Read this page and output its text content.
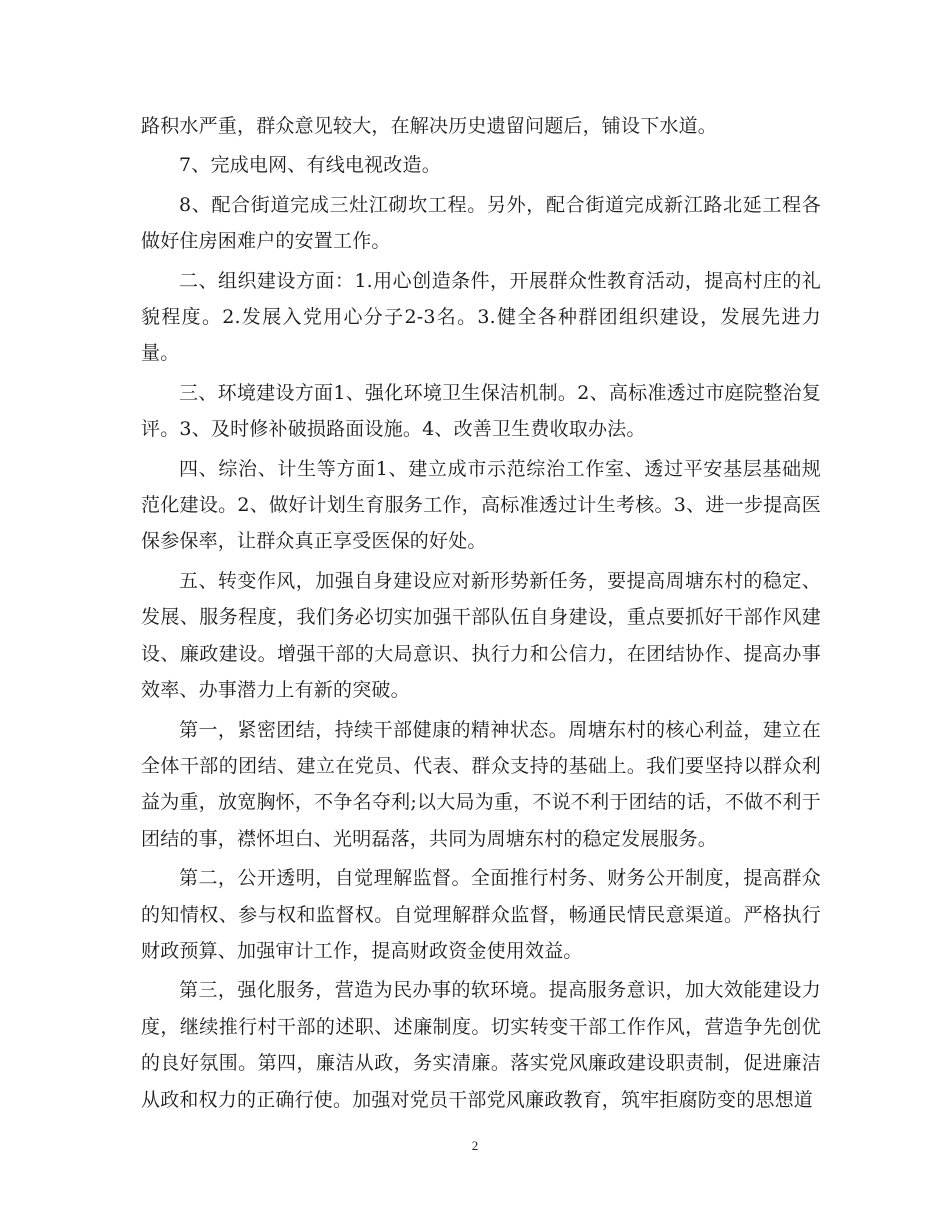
路积水严重，群众意见较大，在解决历史遗留问题后，铺设下水道。

7、完成电网、有线电视改造。

8、配合街道完成三灶江砌坎工程。另外，配合街道完成新江路北延工程各做好住房困难户的安置工作。

二、组织建设方面：1.用心创造条件，开展群众性教育活动，提高村庄的礼貌程度。2.发展入党用心分子2-3名。3.健全各种群团组织建设，发展先进力量。

三、环境建设方面1、强化环境卫生保洁机制。2、高标准透过市庭院整治复评。3、及时修补破损路面设施。4、改善卫生费收取办法。

四、综治、计生等方面1、建立成市示范综治工作室、透过平安基层基础规范化建设。2、做好计划生育服务工作，高标准透过计生考核。3、进一步提高医保参保率，让群众真正享受医保的好处。

五、转变作风，加强自身建设应对新形势新任务，要提高周塘东村的稳定、发展、服务程度，我们务必切实加强干部队伍自身建设，重点要抓好干部作风建设、廉政建设。增强干部的大局意识、执行力和公信力，在团结协作、提高办事效率、办事潜力上有新的突破。

第一，紧密团结，持续干部健康的精神状态。周塘东村的核心利益，建立在全体干部的团结、建立在党员、代表、群众支持的基础上。我们要坚持以群众利益为重，放宽胸怀，不争名夺利;以大局为重，不说不利于团结的话，不做不利于团结的事，襟怀坦白、光明磊落，共同为周塘东村的稳定发展服务。

第二，公开透明，自觉理解监督。全面推行村务、财务公开制度，提高群众的知情权、参与权和监督权。自觉理解群众监督，畅通民情民意渠道。严格执行财政预算、加强审计工作，提高财政资金使用效益。

第三，强化服务，营造为民办事的软环境。提高服务意识，加大效能建设力度，继续推行村干部的述职、述廉制度。切实转变干部工作作风，营造争先创优的良好氛围。第四，廉洁从政，务实清廉。落实党风廉政建设职责制，促进廉洁从政和权力的正确行使。加强对党员干部党风廉政教育，筑牢拒腐防变的思想道

2
